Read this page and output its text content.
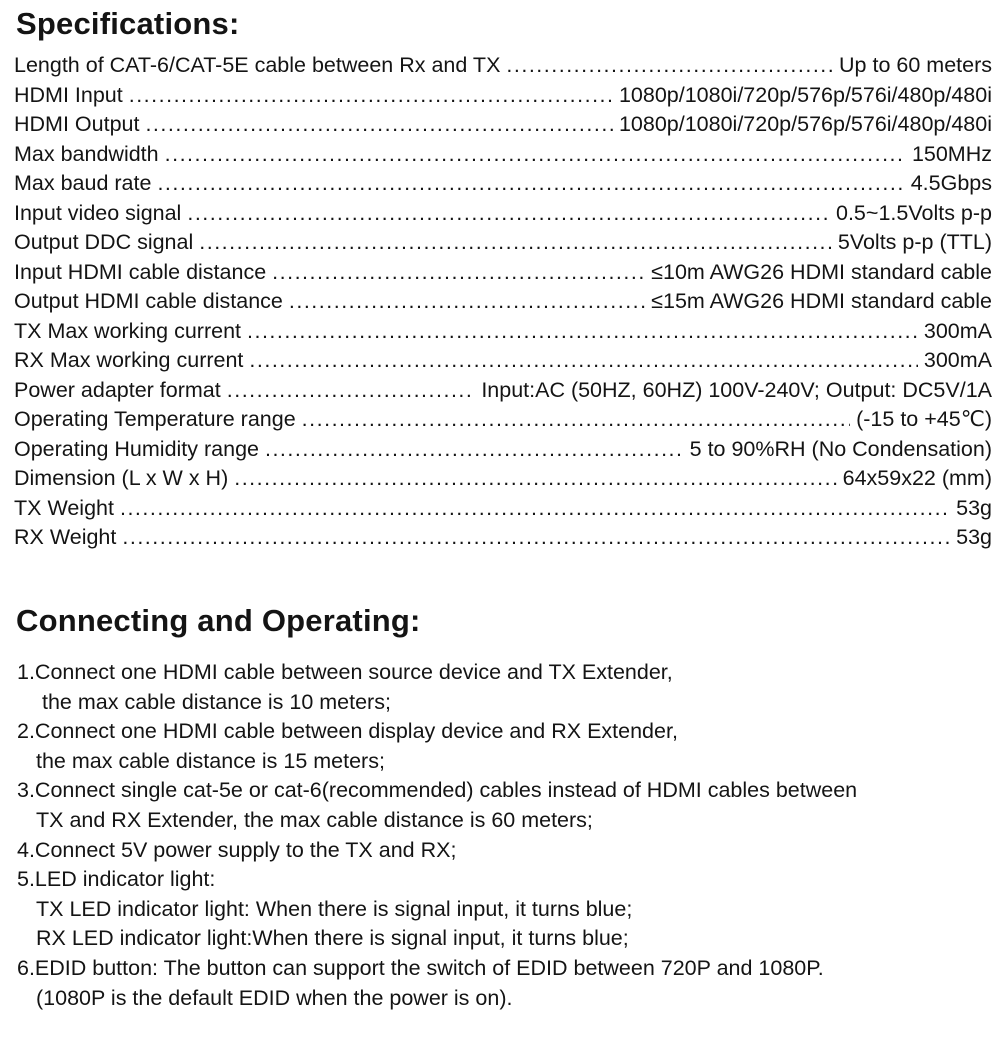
Specifications:
Length of CAT-6/CAT-5E cable between Rx and TX .....	Up to 60 meters
HDMI Input .....	1080p/1080i/720p/576p/576i/480p/480i
HDMI Output .....	1080p/1080i/720p/576p/576i/480p/480i
Max bandwidth .....	150MHz
Max baud rate .....	4.5Gbps
Input video signal .....	0.5~1.5Volts p-p
Output DDC signal .....	5Volts p-p (TTL)
Input HDMI cable distance .....	≤10m AWG26 HDMI standard cable
Output HDMI cable distance .....	≤15m AWG26 HDMI standard cable
TX Max working current .....	300mA
RX Max working current .....	300mA
Power adapter format .....	Input:AC (50HZ, 60HZ) 100V-240V; Output: DC5V/1A
Operating Temperature range .....	(-15 to +45℃)
Operating Humidity range .....	5 to 90%RH (No Condensation)
Dimension (L x W x H) .....	64x59x22 (mm)
TX Weight .....	53g
RX Weight .....	53g
Connecting and Operating:
1.Connect one HDMI cable between source device and TX Extender,
the max cable distance is 10 meters;
2.Connect one HDMI cable between display device and RX Extender,
the max cable distance is 15 meters;
3.Connect single cat-5e or cat-6(recommended) cables instead of HDMI cables between
TX and RX Extender, the max cable distance is 60 meters;
4.Connect 5V power supply to the TX and RX;
5.LED indicator light:
TX LED indicator light: When there is signal input, it turns blue;
RX LED indicator light:When there is signal input, it turns blue;
6.EDID button: The button can support the switch of EDID between 720P and 1080P.
(1080P is the default EDID when the power is on).
